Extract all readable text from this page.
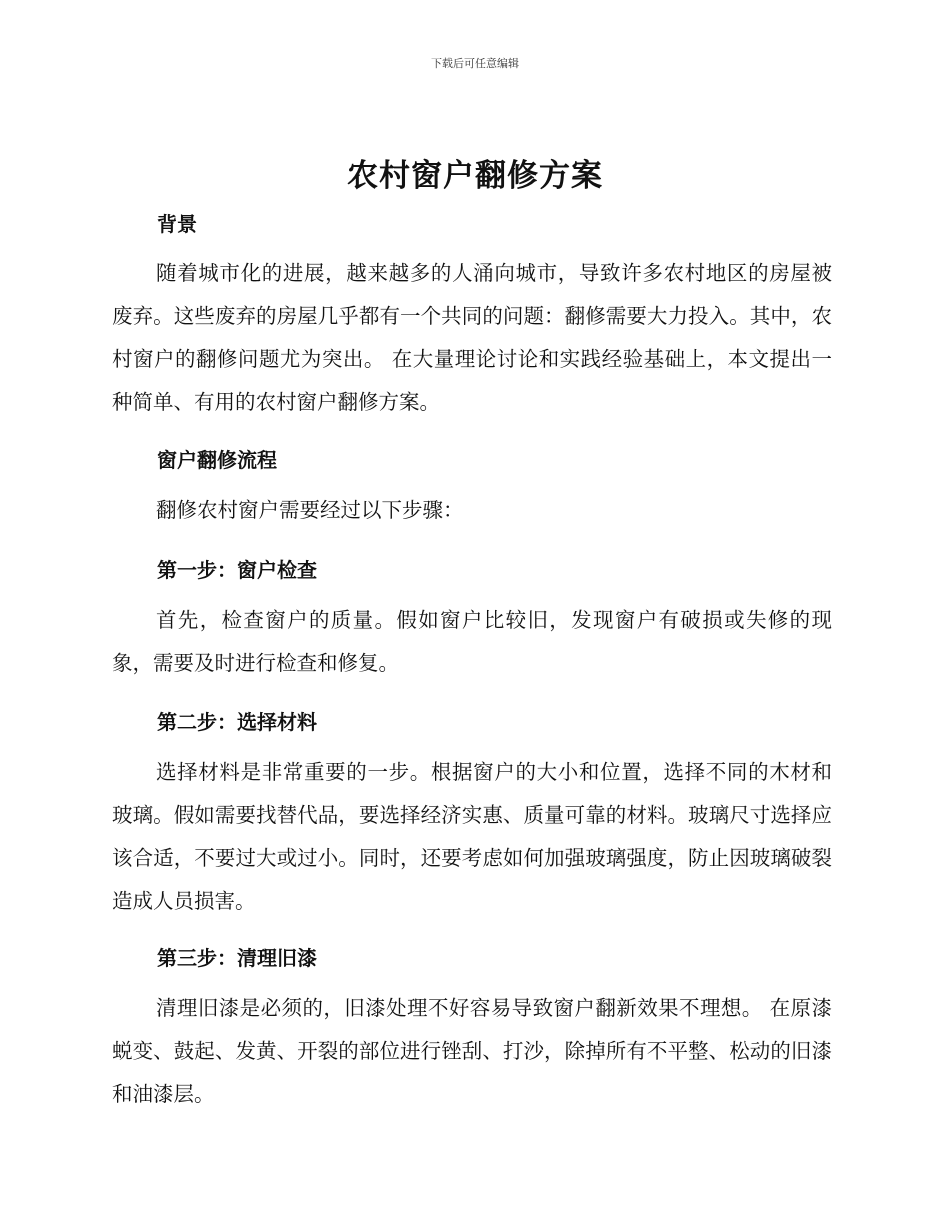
下载后可任意编辑
农村窗户翻修方案
背景
随着城市化的进展，越来越多的人涌向城市，导致许多农村地区的房屋被废弃。这些废弃的房屋几乎都有一个共同的问题：翻修需要大力投入。其中，农村窗户的翻修问题尤为突出。 在大量理论讨论和实践经验基础上，本文提出一种简单、有用的农村窗户翻修方案。
窗户翻修流程
翻修农村窗户需要经过以下步骤：
第一步：窗户检查
首先，检查窗户的质量。假如窗户比较旧，发现窗户有破损或失修的现象，需要及时进行检查和修复。
第二步：选择材料
选择材料是非常重要的一步。根据窗户的大小和位置，选择不同的木材和玻璃。假如需要找替代品，要选择经济实惠、质量可靠的材料。玻璃尺寸选择应该合适，不要过大或过小。同时，还要考虑如何加强玻璃强度，防止因玻璃破裂造成人员损害。
第三步：清理旧漆
清理旧漆是必须的，旧漆处理不好容易导致窗户翻新效果不理想。 在原漆蜕变、鼓起、发黄、开裂的部位进行锉刮、打沙，除掉所有不平整、松动的旧漆和油漆层。
